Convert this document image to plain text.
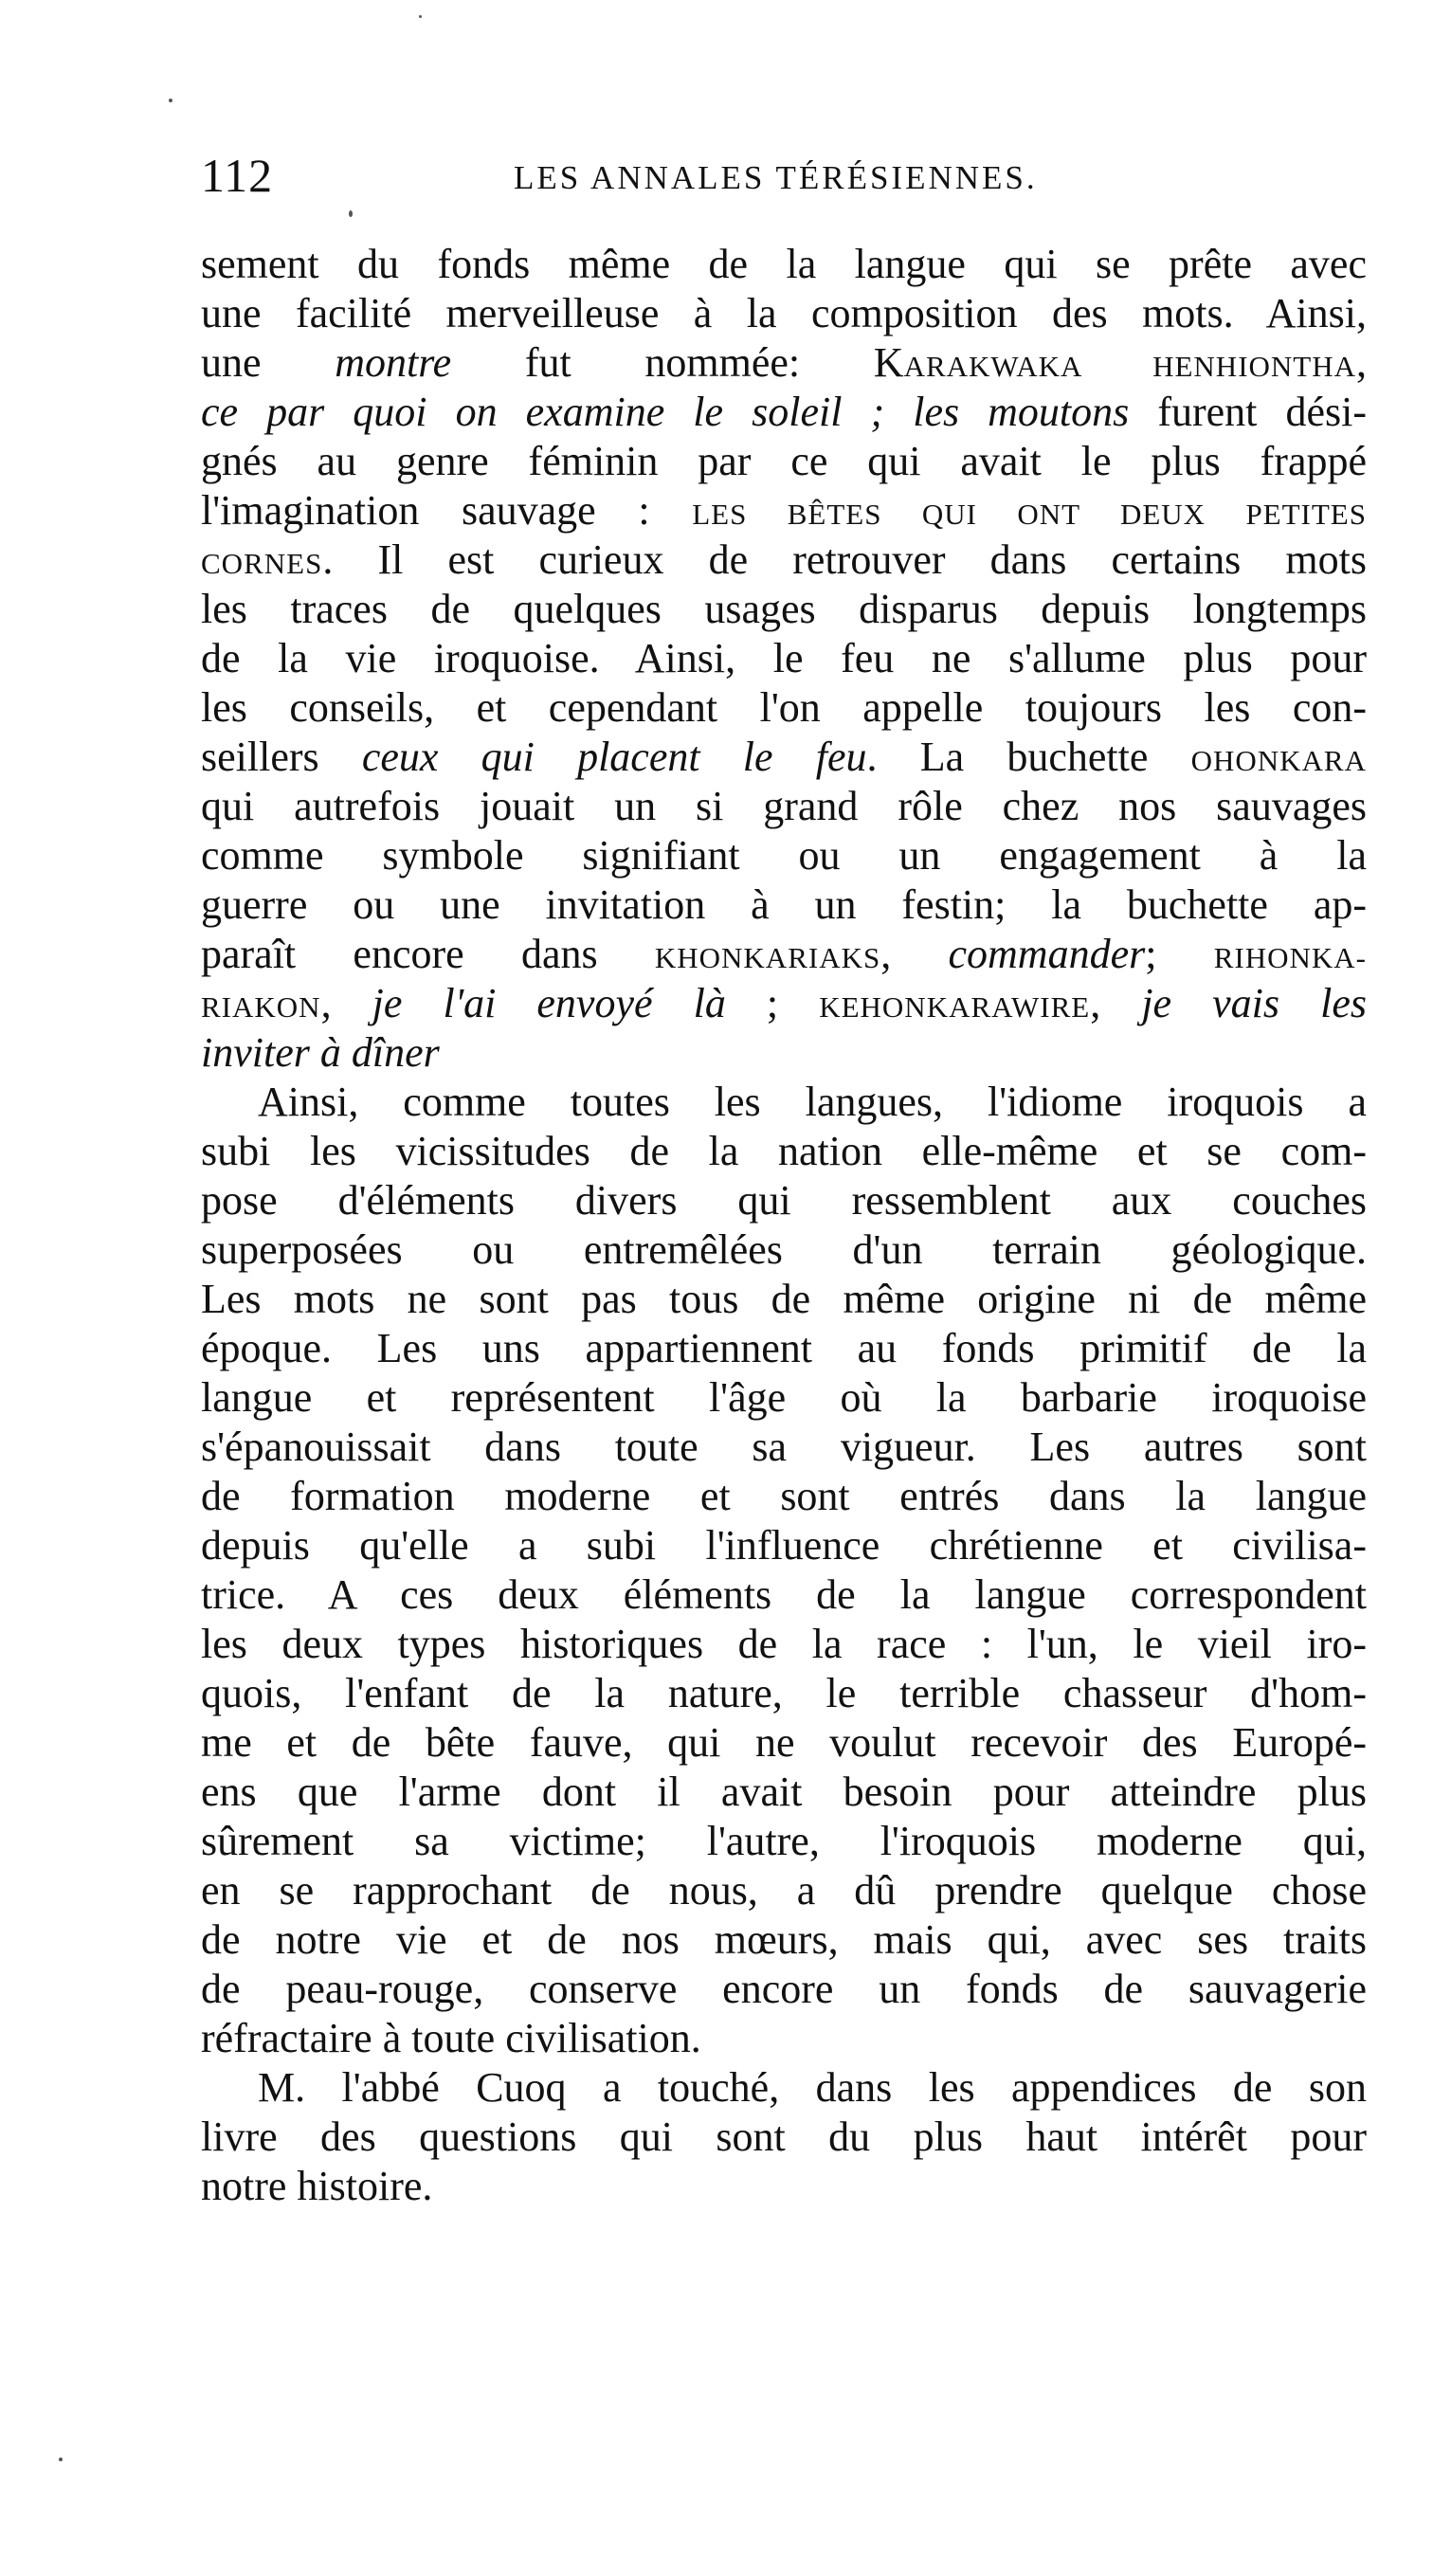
112	LES ANNALES TÉRÉSIENNES.
sement du fonds même de la langue qui se prête avec
une facilité merveilleuse à la composition des mots. Ainsi,
une montre fut nommée: KARAKWAKA HENHIONTHA,
ce par quoi on examine le soleil ; les moutons furent dési-
gnés au genre féminin par ce qui avait le plus frappé
l'imagination sauvage : LES BÊTES QUI ONT DEUX PETITES
CORNES. Il est curieux de retrouver dans certains mots
les traces de quelques usages disparus depuis longtemps
de la vie iroquoise. Ainsi, le feu ne s'allume plus pour
les conseils, et cependant l'on appelle toujours les con-
seillers ceux qui placent le feu. La buchette OHONKARA
qui autrefois jouait un si grand rôle chez nos sauvages
comme symbole signifiant ou un engagement à la
guerre ou une invitation à un festin; la buchette ap-
paraît encore dans KHONKARIAKS, commander; RIHONKA-
RIAKON, je l'ai envoyé là ; KEHONKARAWIRE, je vais les
inviter à dîner
Ainsi, comme toutes les langues, l'idiome iroquois a
subi les vicissitudes de la nation elle-même et se com-
pose d'éléments divers qui ressemblent aux couches
superposées ou entremêlées d'un terrain géologique.
Les mots ne sont pas tous de même origine ni de même
époque. Les uns appartiennent au fonds primitif de la
langue et représentent l'âge où la barbarie iroquoise
s'épanouissait dans toute sa vigueur. Les autres sont
de formation moderne et sont entrés dans la langue
depuis qu'elle a subi l'influence chrétienne et civilisa-
trice. A ces deux éléments de la langue correspondent
les deux types historiques de la race : l'un, le vieil iro-
quois, l'enfant de la nature, le terrible chasseur d'hom-
me et de bête fauve, qui ne voulut recevoir des Europé-
ens que l'arme dont il avait besoin pour atteindre plus
sûrement sa victime; l'autre, l'iroquois moderne qui,
en se rapprochant de nous, a dû prendre quelque chose
de notre vie et de nos mœurs, mais qui, avec ses traits
de peau-rouge, conserve encore un fonds de sauvagerie
réfractaire à toute civilisation.
M. l'abbé Cuoq a touché, dans les appendices de son
livre des questions qui sont du plus haut intérêt pour
notre histoire.
